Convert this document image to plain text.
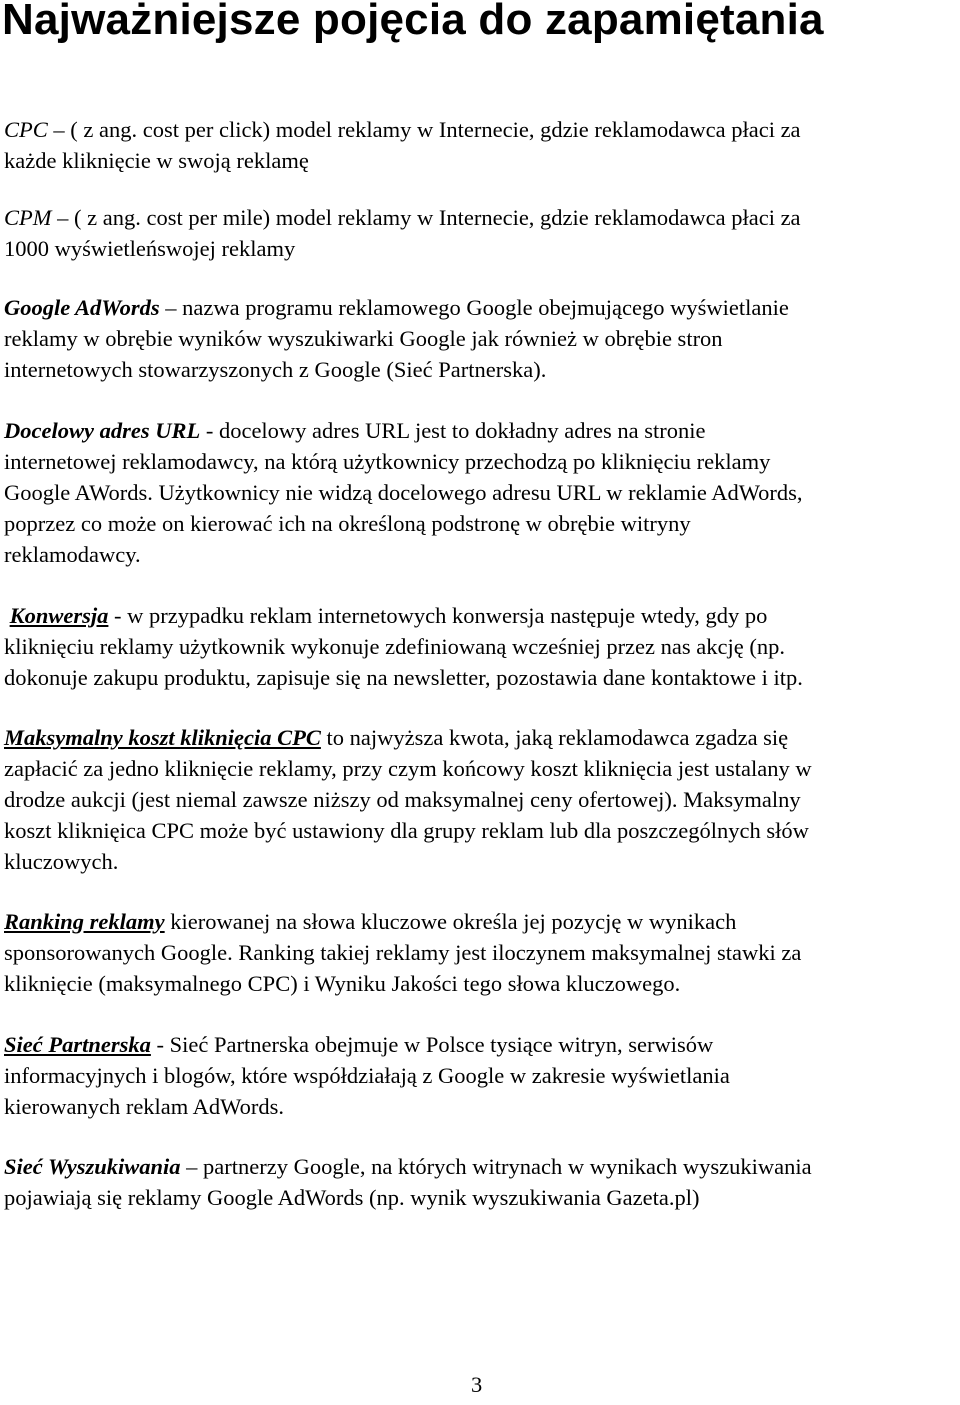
Najważniejsze pojęcia do zapamiętania

CPC – ( z ang. cost per click) model reklamy w Internecie, gdzie reklamodawca płaci za
każde kliknięcie w swoją reklamę

CPM – ( z ang. cost per mile) model reklamy w Internecie, gdzie reklamodawca płaci za
1000 wyświetleńswojej reklamy

Google AdWords – nazwa programu reklamowego Google obejmującego wyświetlanie
reklamy w obrębie wyników wyszukiwarki Google jak również w obrębie stron
internetowych stowarzyszonych z Google (Sieć Partnerska).

Docelowy adres URL - docelowy adres URL jest to dokładny adres na stronie
internetowej reklamodawcy, na którą użytkownicy przechodzą po kliknięciu reklamy
Google AWords. Użytkownicy nie widzą docelowego adresu URL w reklamie AdWords,
poprzez co może on kierować ich na określoną podstronę w obrębie witryny
reklamodawcy.

Konwersja - w przypadku reklam internetowych konwersja następuje wtedy, gdy po
kliknięciu reklamy użytkownik wykonuje zdefiniowaną wcześniej przez nas akcję (np.
dokonuje zakupu produktu, zapisuje się na newsletter, pozostawia dane kontaktowe i itp.

Maksymalny koszt kliknięcia CPC to najwyższa kwota, jaką reklamodawca zgadza się
zapłacić za jedno kliknięcie reklamy, przy czym końcowy koszt kliknięcia jest ustalany w
drodze aukcji (jest niemal zawsze niższy od maksymalnej ceny ofertowej). Maksymalny
koszt kliknięica CPC może być ustawiony dla grupy reklam lub dla poszczególnych słów
kluczowych.

Ranking reklamy kierowanej na słowa kluczowe określa jej pozycję w wynikach
sponsorowanych Google. Ranking takiej reklamy jest iloczynem maksymalnej stawki za
kliknięcie (maksymalnego CPC) i Wyniku Jakości tego słowa kluczowego.

Sieć Partnerska - Sieć Partnerska obejmuje w Polsce tysiące witryn, serwisów
informacyjnych i blogów, które współdziałają z Google w zakresie wyświetlania
kierowanych reklam AdWords.

Sieć Wyszukiwania – partnerzy Google, na których witrynach w wynikach wyszukiwania
pojawiają się reklamy Google AdWords (np. wynik wyszukiwania Gazeta.pl)

3
